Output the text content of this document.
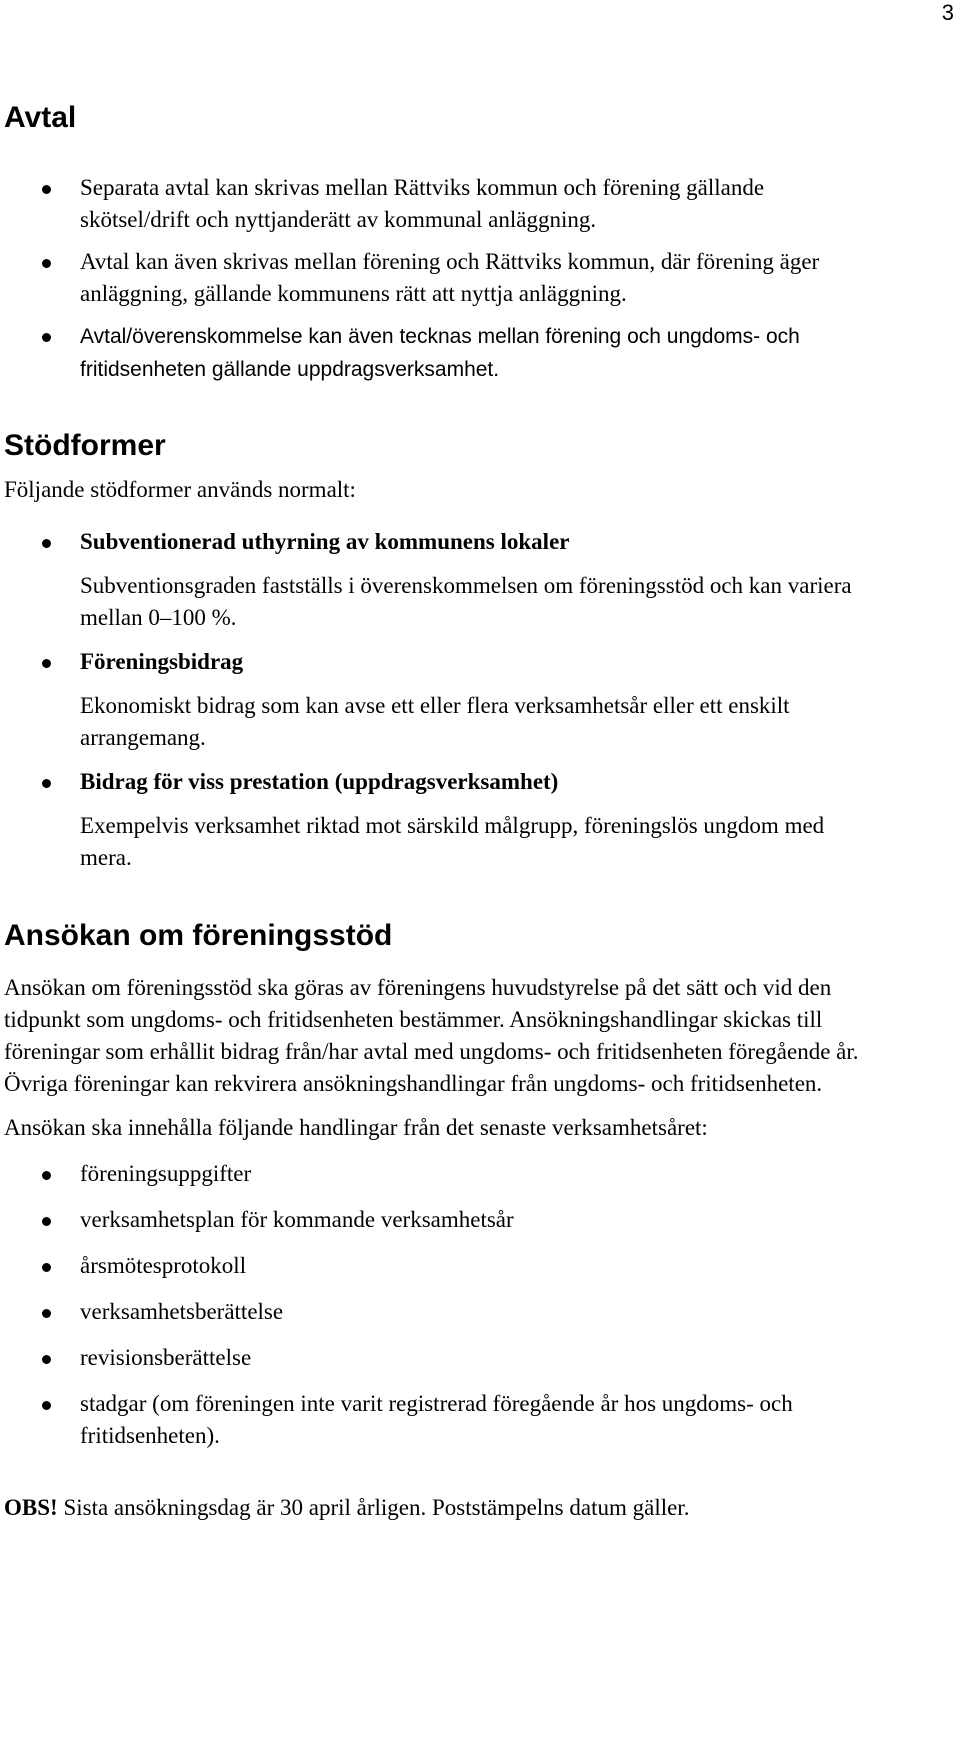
3
Avtal
Separata avtal kan skrivas mellan Rättviks kommun och förening gällande skötsel/drift och nyttjanderätt av kommunal anläggning.
Avtal kan även skrivas mellan förening och Rättviks kommun, där förening äger anläggning, gällande kommunens rätt att nyttja anläggning.
Avtal/överenskommelse kan även tecknas mellan förening och ungdoms- och fritidsenheten gällande uppdragsverksamhet.
Stödformer

Följande stödformer används normalt:

Subventionerad uthyrning av kommunens lokaler

Subventionsgraden fastställs i överenskommelsen om föreningsstöd och kan variera mellan 0–100 %.

Föreningsbidrag

Ekonomiskt bidrag som kan avse ett eller flera verksamhetsår eller ett enskilt arrangemang.

Bidrag för viss prestation (uppdragsverksamhet)

Exempelvis verksamhet riktad mot särskild målgrupp, föreningslös ungdom med mera.

Ansökan om föreningsstöd

Ansökan om föreningsstöd ska göras av föreningens huvudstyrelse på det sätt och vid den tidpunkt som ungdoms- och fritidsenheten bestämmer. Ansökningshandlingar skickas till föreningar som erhållit bidrag från/har avtal med ungdoms- och fritidsenheten föregående år. Övriga föreningar kan rekvirera ansökningshandlingar från ungdoms- och fritidsenheten.

Ansökan ska innehålla följande handlingar från det senaste verksamhetsåret:

föreningsuppgifter
verksamhetsplan för kommande verksamhetsår
årsmötesprotokoll
verksamhetsberättelse
revisionsberättelse
stadgar (om föreningen inte varit registrerad föregående år hos ungdoms- och fritidsenheten).

OBS! Sista ansökningsdag är 30 april årligen. Poststämpelns datum gäller.
